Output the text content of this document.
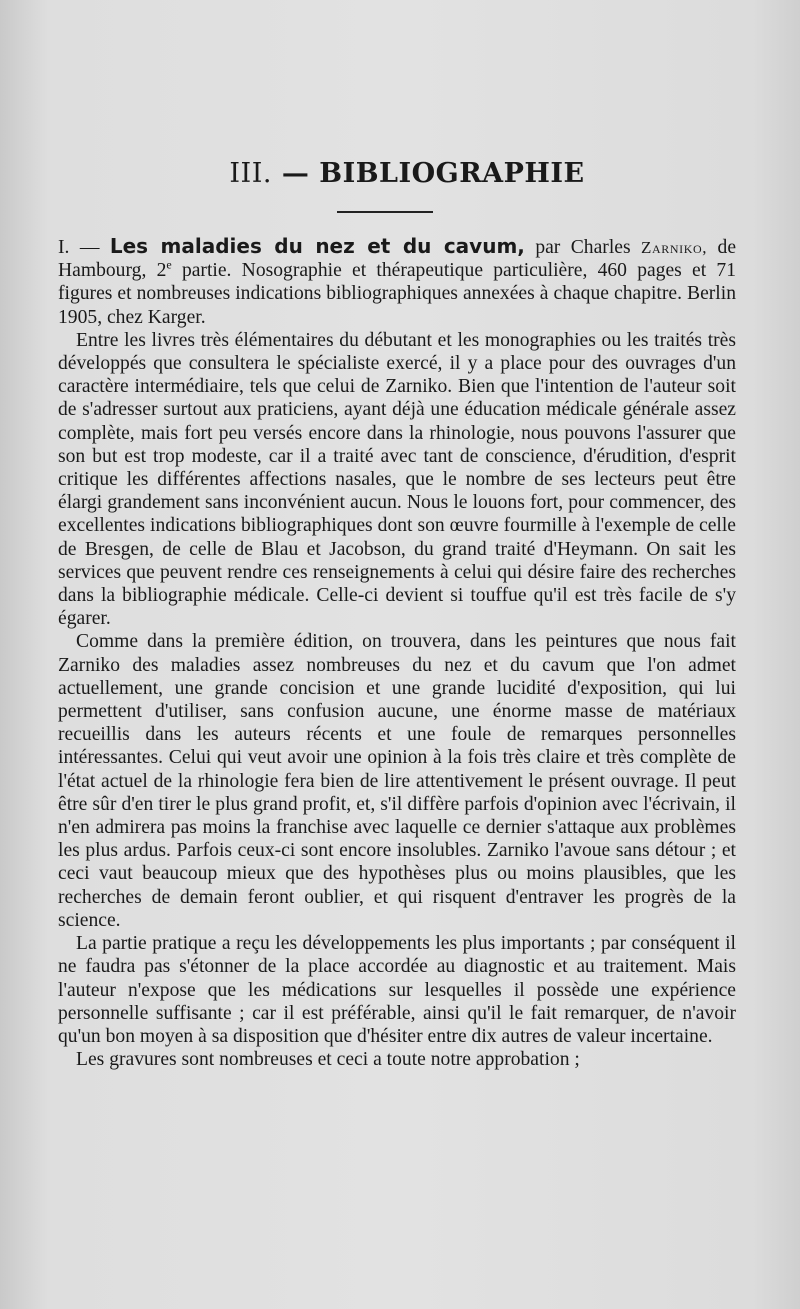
III. — BIBLIOGRAPHIE

I. — Les maladies du nez et du cavum, par Charles Zarniko, de Hambourg, 2e partie. Nosographie et thérapeutique particulière, 460 pages et 71 figures et nombreuses indications bibliographiques annexées à chaque chapitre. Berlin 1905, chez Karger.

Entre les livres très élémentaires du débutant et les monographies ou les traités très développés que consultera le spécialiste exercé, il y a place pour des ouvrages d'un caractère intermédiaire, tels que celui de Zarniko. Bien que l'intention de l'auteur soit de s'adresser surtout aux praticiens, ayant déjà une éducation médicale générale assez complète, mais fort peu versés encore dans la rhinologie, nous pouvons l'assurer que son but est trop modeste, car il a traité avec tant de conscience, d'érudition, d'esprit critique les différentes affections nasales, que le nombre de ses lecteurs peut être élargi grandement sans inconvénient aucun. Nous le louons fort, pour commencer, des excellentes indications bibliographiques dont son œuvre fourmille à l'exemple de celle de Bresgen, de celle de Blau et Jacobson, du grand traité d'Heymann. On sait les services que peuvent rendre ces renseignements à celui qui désire faire des recherches dans la bibliographie médicale. Celle-ci devient si touffue qu'il est très facile de s'y égarer.

Comme dans la première édition, on trouvera, dans les peintures que nous fait Zarniko des maladies assez nombreuses du nez et du cavum que l'on admet actuellement, une grande concision et une grande lucidité d'exposition, qui lui permettent d'utiliser, sans confusion aucune, une énorme masse de matériaux recueillis dans les auteurs récents et une foule de remarques personnelles intéressantes. Celui qui veut avoir une opinion à la fois très claire et très complète de l'état actuel de la rhinologie fera bien de lire attentivement le présent ouvrage. Il peut être sûr d'en tirer le plus grand profit, et, s'il diffère parfois d'opinion avec l'écrivain, il n'en admirera pas moins la franchise avec laquelle ce dernier s'attaque aux problèmes les plus ardus. Parfois ceux-ci sont encore insolubles. Zarniko l'avoue sans détour ; et ceci vaut beaucoup mieux que des hypothèses plus ou moins plausibles, que les recherches de demain feront oublier, et qui risquent d'entraver les progrès de la science.

La partie pratique a reçu les développements les plus importants ; par conséquent il ne faudra pas s'étonner de la place accordée au diagnostic et au traitement. Mais l'auteur n'expose que les médications sur lesquelles il possède une expérience personnelle suffisante ; car il est préférable, ainsi qu'il le fait remarquer, de n'avoir qu'un bon moyen à sa disposition que d'hésiter entre dix autres de valeur incertaine.

Les gravures sont nombreuses et ceci a toute notre approbation ;
